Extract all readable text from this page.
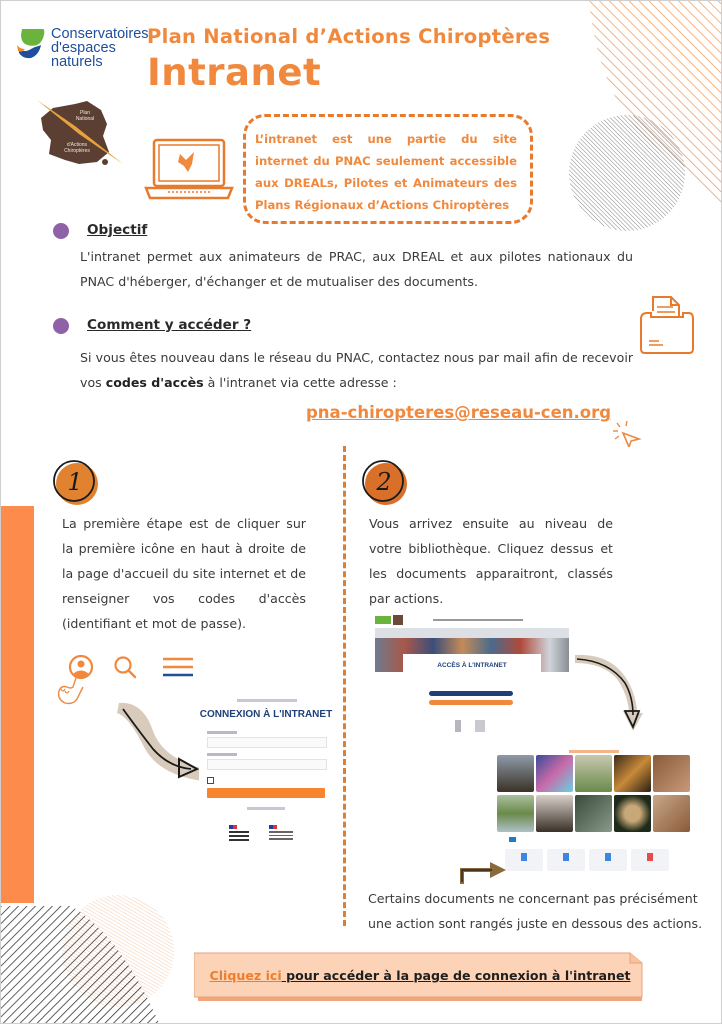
Conservatoires
d'espaces
naturels
Plan National d’Actions Chiroptères
Intranet
Plan
National
d'Actions
Chiroptères
L’intranet est une partie du site internet du PNAC seulement accessible aux DREALs, Pilotes et Animateurs des Plans Régionaux d’Actions Chiroptères
Objectif
L'intranet permet aux animateurs de PRAC, aux DREAL et aux pilotes nationaux du PNAC d'héberger, d'échanger et de mutualiser des documents.
Comment y accéder ?
Si vous êtes nouveau dans le réseau du PNAC, contactez nous par mail afin de recevoir vos codes d'accès à l'intranet via cette adresse :
pna-chiropteres@reseau-cen.org
1
La première étape est de cliquer sur la première icône en haut à droite de la page d'accueil du site internet et de renseigner vos codes d'accès (identifiant et mot de passe).
CONNEXION À L'INTRANET
2
Vous arrivez ensuite au niveau de votre bibliothèque. Cliquez dessus et les documents apparaitront, classés par actions.
ACCÈS À L'INTRANET
Certains documents ne concernant pas précisément une action sont rangés juste en dessous des actions.
Cliquez ici pour accéder à la page de connexion à l'intranet
